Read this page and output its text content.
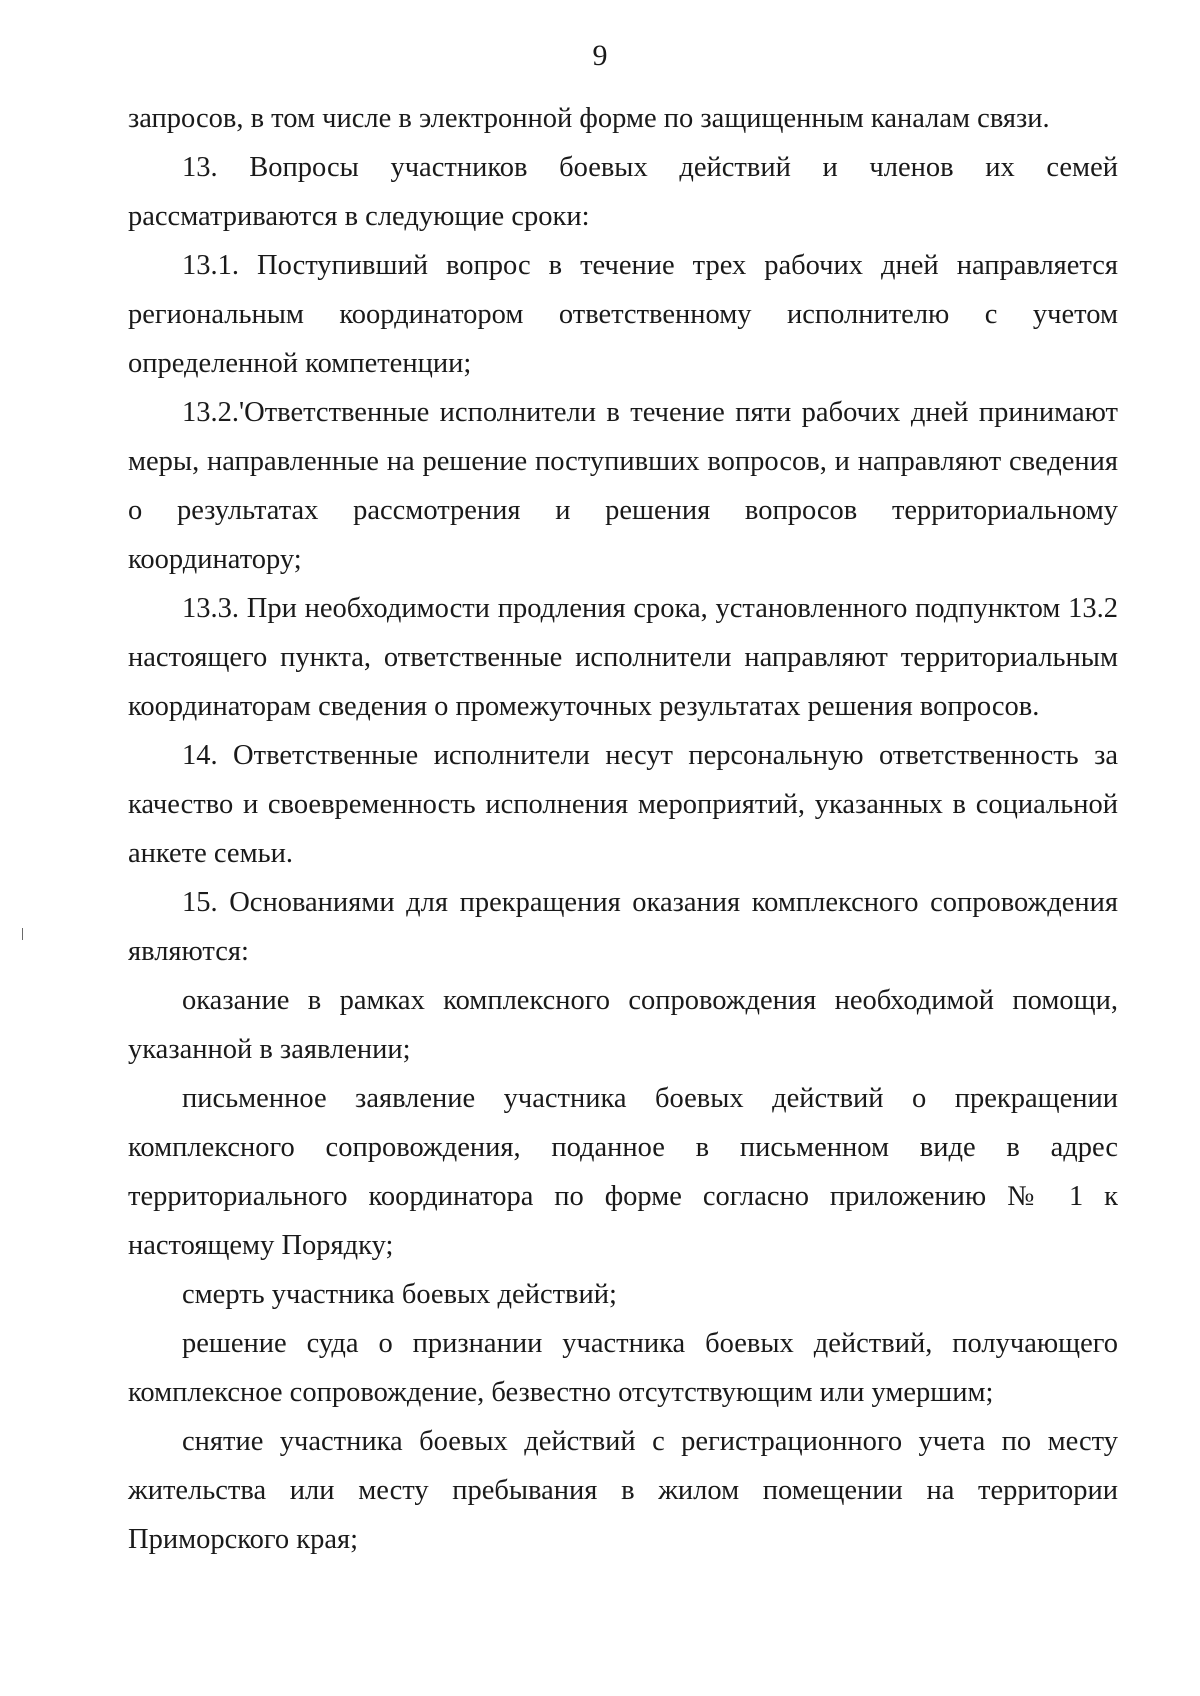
9

запросов, в том числе в электронной форме по защищенным каналам связи.

13. Вопросы участников боевых действий и членов их семей рассматриваются в следующие сроки:

13.1. Поступивший вопрос в течение трех рабочих дней направляется региональным координатором ответственному исполнителю с учетом определенной компетенции;

13.2.'Ответственные исполнители в течение пяти рабочих дней принимают меры, направленные на решение поступивших вопросов, и направляют сведения о результатах рассмотрения и решения вопросов территориальному координатору;

13.3. При необходимости продления срока, установленного подпунктом 13.2 настоящего пункта, ответственные исполнители направляют территориальным координаторам сведения о промежуточных результатах решения вопросов.

14. Ответственные исполнители несут персональную ответственность за качество и своевременность исполнения мероприятий, указанных в социальной анкете семьи.

15. Основаниями для прекращения оказания комплексного сопровождения являются:

оказание в рамках комплексного сопровождения необходимой помощи, указанной в заявлении;

письменное заявление участника боевых действий о прекращении комплексного сопровождения, поданное в письменном виде в адрес территориального координатора по форме согласно приложению № 1 к настоящему Порядку;

смерть участника боевых действий;

решение суда о признании участника боевых действий, получающего комплексное сопровождение, безвестно отсутствующим или умершим;

снятие участника боевых действий с регистрационного учета по месту жительства или месту пребывания в жилом помещении на территории Приморского края;
